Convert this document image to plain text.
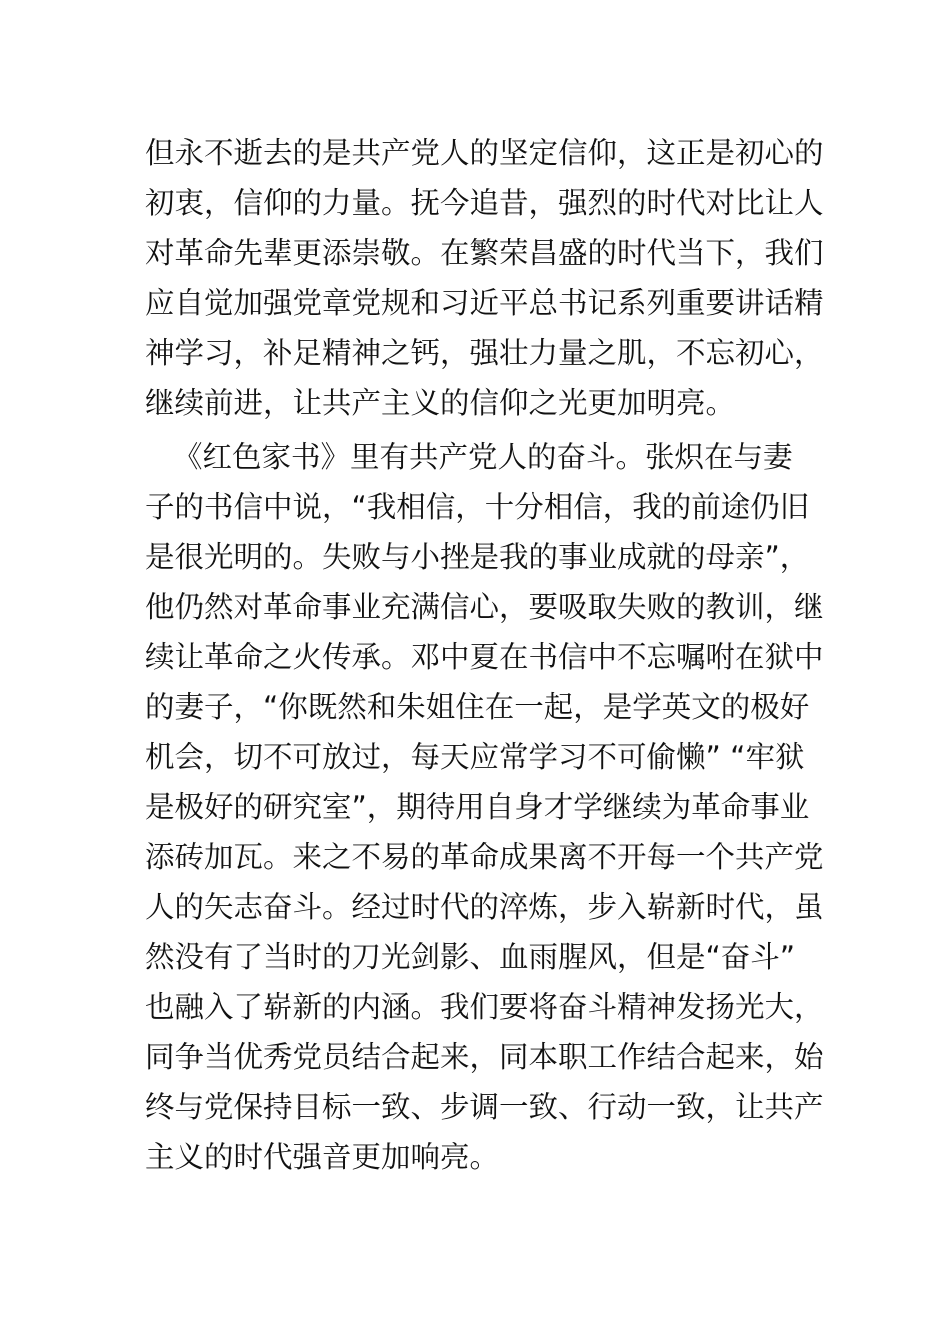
但永不逝去的是共产党人的坚定信仰，这正是初心的
初衷，信仰的力量。抚今追昔，强烈的时代对比让人
对革命先辈更添崇敬。在繁荣昌盛的时代当下，我们
应自觉加强党章党规和习近平总书记系列重要讲话精
神学习，补足精神之钙，强壮力量之肌，不忘初心，
继续前进，让共产主义的信仰之光更加明亮。
《红色家书》里有共产党人的奋斗。张炽在与妻
子的书信中说，“我相信，十分相信，我的前途仍旧
是很光明的。失败与小挫是我的事业成就的母亲”，
他仍然对革命事业充满信心，要吸取失败的教训，继
续让革命之火传承。邓中夏在书信中不忘嘱咐在狱中
的妻子，“你既然和朱姐住在一起，是学英文的极好
机会，切不可放过，每天应常学习不可偷懒” “牢狱
是极好的研究室”，期待用自身才学继续为革命事业
添砖加瓦。来之不易的革命成果离不开每一个共产党
人的矢志奋斗。经过时代的淬炼，步入崭新时代，虽
然没有了当时的刀光剑影、血雨腥风，但是“奋斗”
也融入了崭新的内涵。我们要将奋斗精神发扬光大，
同争当优秀党员结合起来，同本职工作结合起来，始
终与党保持目标一致、步调一致、行动一致，让共产
主义的时代强音更加响亮。
